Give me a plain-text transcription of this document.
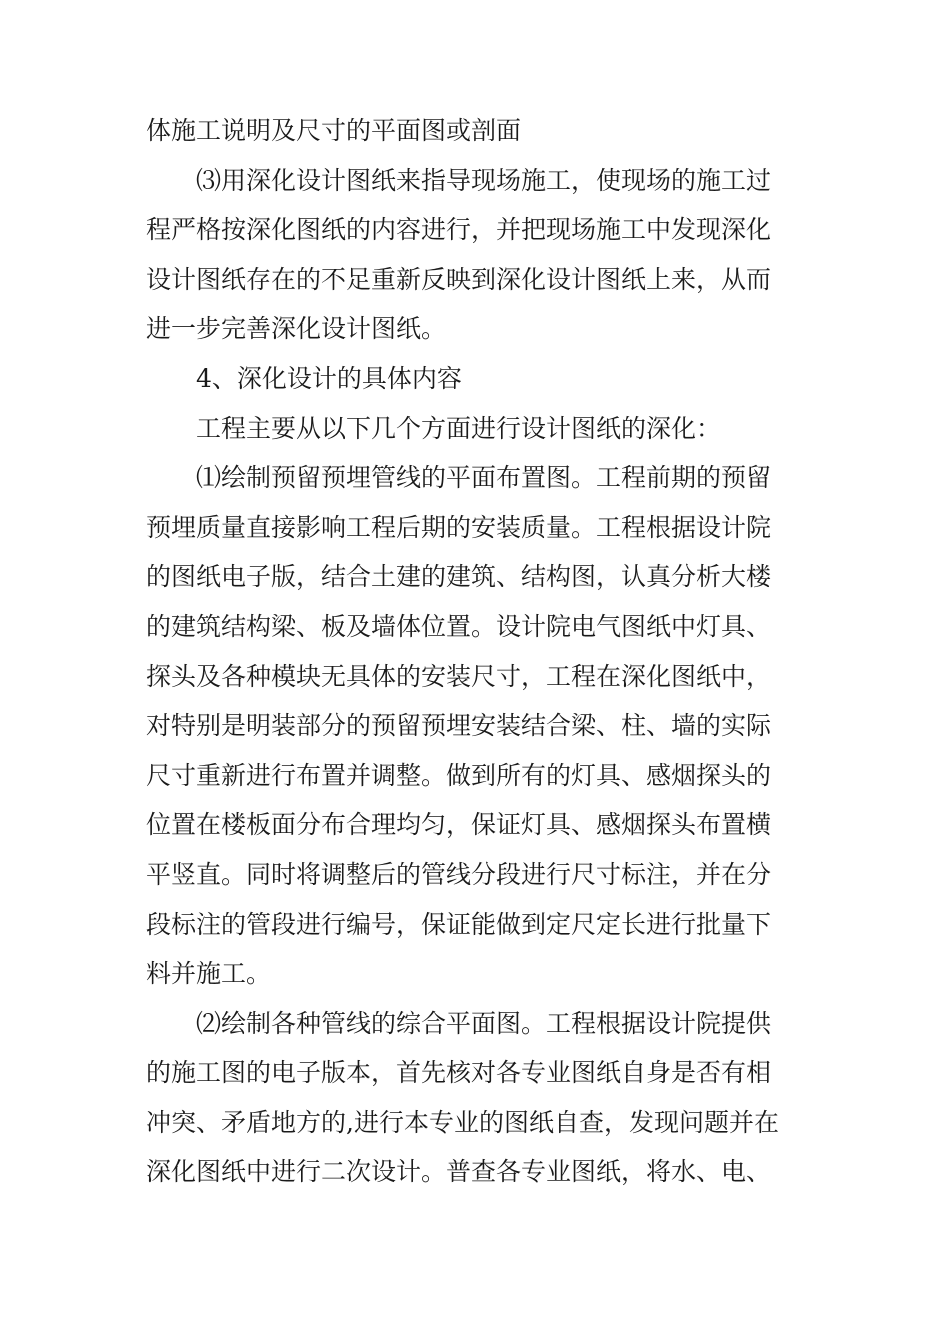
体施工说明及尺寸的平面图或剖面
⑶用深化设计图纸来指导现场施工，使现场的施工过
程严格按深化图纸的内容进行，并把现场施工中发现深化
设计图纸存在的不足重新反映到深化设计图纸上来，从而
进一步完善深化设计图纸。
4、深化设计的具体内容
工程主要从以下几个方面进行设计图纸的深化：
⑴绘制预留预埋管线的平面布置图。工程前期的预留
预埋质量直接影响工程后期的安装质量。工程根据设计院
的图纸电子版，结合土建的建筑、结构图，认真分析大楼
的建筑结构梁、板及墙体位置。设计院电气图纸中灯具、
探头及各种模块无具体的安装尺寸，工程在深化图纸中，
对特别是明装部分的预留预埋安装结合梁、柱、墙的实际
尺寸重新进行布置并调整。做到所有的灯具、感烟探头的
位置在楼板面分布合理均匀，保证灯具、感烟探头布置横
平竖直。同时将调整后的管线分段进行尺寸标注，并在分
段标注的管段进行编号，保证能做到定尺定长进行批量下
料并施工。
⑵绘制各种管线的综合平面图。工程根据设计院提供
的施工图的电子版本，首先核对各专业图纸自身是否有相
冲突、矛盾地方的,进行本专业的图纸自查，发现问题并在
深化图纸中进行二次设计。普查各专业图纸，将水、电、
